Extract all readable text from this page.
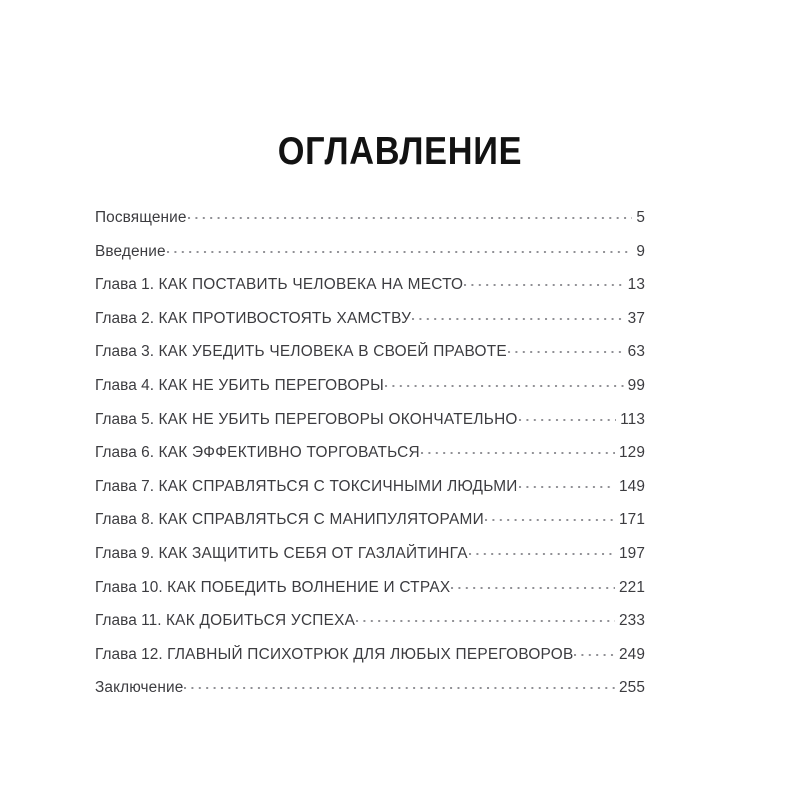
ОГЛАВЛЕНИЕ
Посвящение	5
Введение	9
Глава 1. КАК ПОСТАВИТЬ ЧЕЛОВЕКА НА МЕСТО	13
Глава 2. КАК ПРОТИВОСТОЯТЬ ХАМСТВУ	37
Глава 3. КАК УБЕДИТЬ ЧЕЛОВЕКА В СВОЕЙ ПРАВОТЕ	63
Глава 4. КАК НЕ УБИТЬ ПЕРЕГОВОРЫ	99
Глава 5. КАК НЕ УБИТЬ ПЕРЕГОВОРЫ ОКОНЧАТЕЛЬНО	113
Глава 6. КАК ЭФФЕКТИВНО ТОРГОВАТЬСЯ	129
Глава 7. КАК СПРАВЛЯТЬСЯ С ТОКСИЧНЫМИ ЛЮДЬМИ	149
Глава 8. КАК СПРАВЛЯТЬСЯ С МАНИПУЛЯТОРАМИ	171
Глава 9. КАК ЗАЩИТИТЬ СЕБЯ ОТ ГАЗЛАЙТИНГА	197
Глава 10. КАК ПОБЕДИТЬ ВОЛНЕНИЕ И СТРАХ	221
Глава 11. КАК ДОБИТЬСЯ УСПЕХА	233
Глава 12. ГЛАВНЫЙ ПСИХОТРЮК ДЛЯ ЛЮБЫХ ПЕРЕГОВОРОВ	249
Заключение	255
